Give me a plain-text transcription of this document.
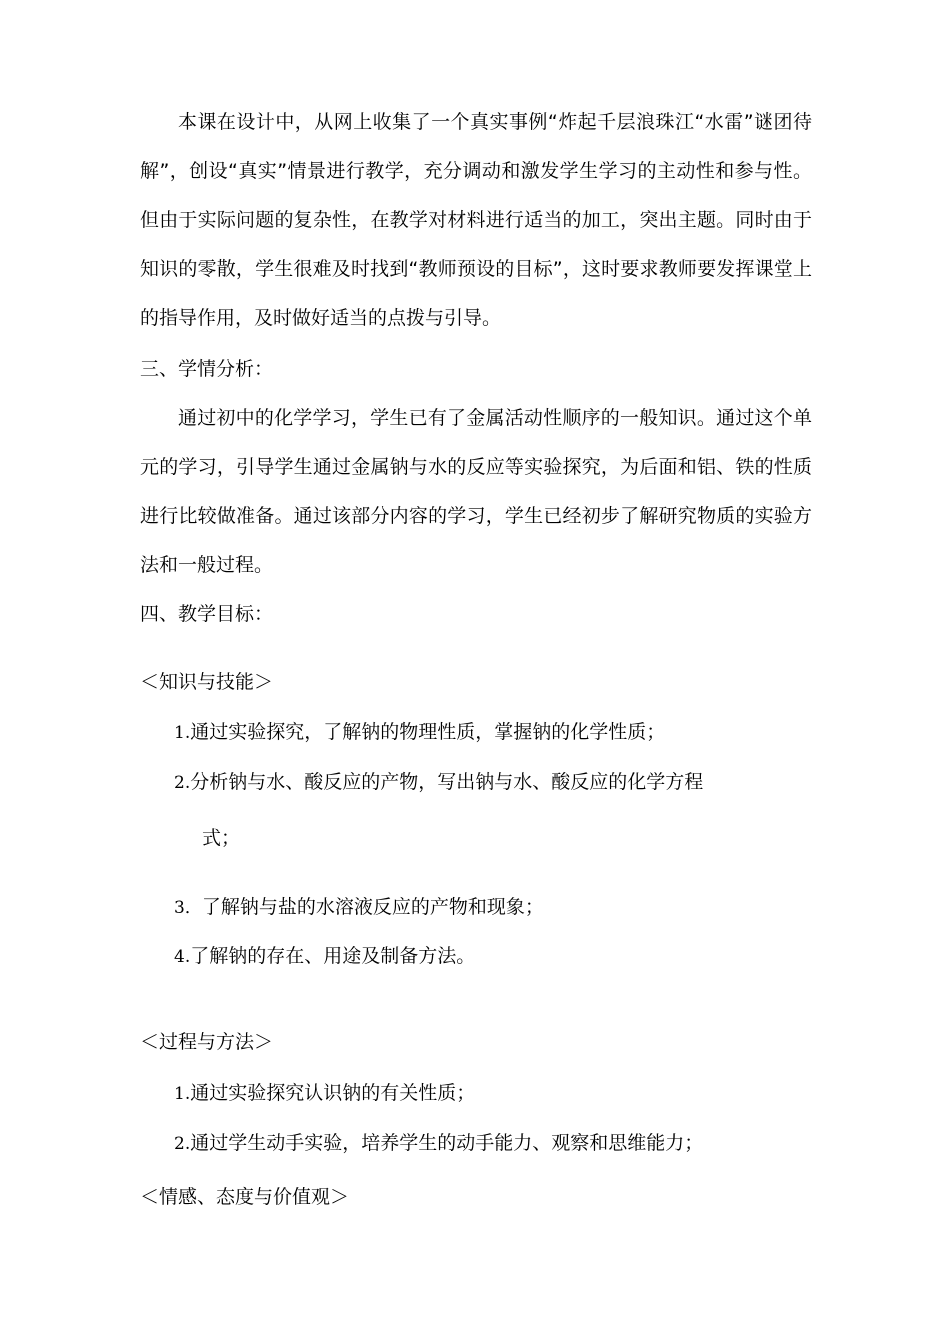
本课在设计中，从网上收集了一个真实事例“炸起千层浪珠江“水雷”谜团待解”，创设“真实”情景进行教学，充分调动和激发学生学习的主动性和参与性。但由于实际问题的复杂性，在教学对材料进行适当的加工，突出主题。同时由于知识的零散，学生很难及时找到“教师预设的目标”，这时要求教师要发挥课堂上的指导作用，及时做好适当的点拨与引导。

三、学情分析：

通过初中的化学学习，学生已有了金属活动性顺序的一般知识。通过这个单元的学习，引导学生通过金属钠与水的反应等实验探究，为后面和铝、铁的性质进行比较做准备。通过该部分内容的学习，学生已经初步了解研究物质的实验方法和一般过程。

四、教学目标：

＜知识与技能＞

1.通过实验探究，了解钠的物理性质，掌握钠的化学性质；

2.分析钠与水、酸反应的产物，写出钠与水、酸反应的化学方程

式；

3．了解钠与盐的水溶液反应的产物和现象；

4.了解钠的存在、用途及制备方法。

＜过程与方法＞

1.通过实验探究认识钠的有关性质；

2.通过学生动手实验，培养学生的动手能力、观察和思维能力；

＜情感、态度与价值观＞
